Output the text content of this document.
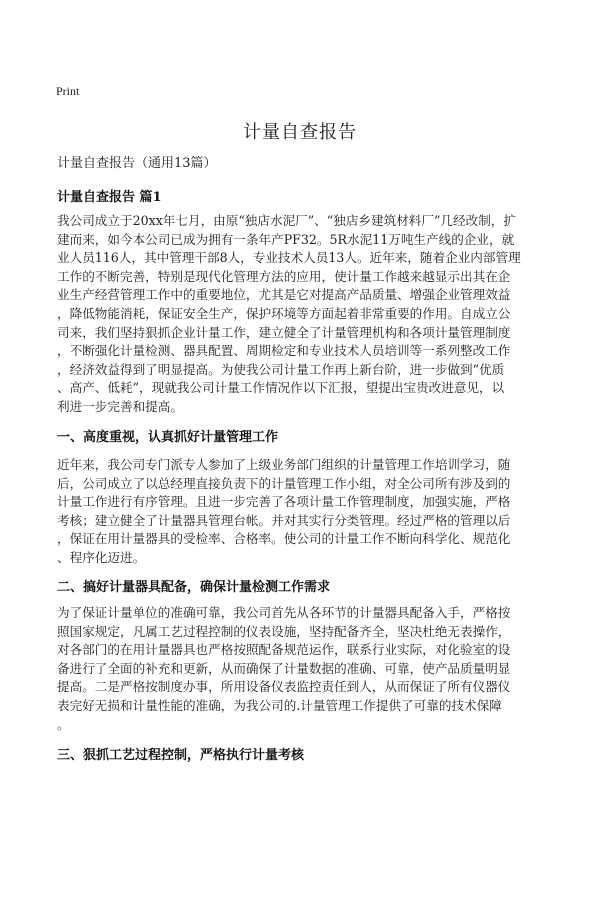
Print
计量自查报告
计量自查报告（通用13篇）
计量自查报告 篇1
我公司成立于20xx年七月，由原“独店水泥厂”、“独店乡建筑材料厂”几经改制，扩
建而来，如今本公司已成为拥有一条年产PF32。5R水泥11万吨生产线的企业，就
业人员116人，其中管理干部8人，专业技术人员13人。近年来，随着企业内部管理
工作的不断完善，特别是现代化管理方法的应用，使计量工作越来越显示出其在企
业生产经营管理工作中的重要地位，尤其是它对提高产品质量、增强企业管理效益
，降低物能消耗，保证安全生产，保护环境等方面起着非常重要的作用。自成立公
司来，我们坚持狠抓企业计量工作，建立健全了计量管理机构和各项计量管理制度
，不断强化计量检测、器具配置、周期检定和专业技术人员培训等一系列整改工作
，经济效益得到了明显提高。为使我公司计量工作再上新台阶，进一步做到“优质
、高产、低耗”，现就我公司计量工作情况作以下汇报，望提出宝贵改进意见，以
利进一步完善和提高。
一、高度重视，认真抓好计量管理工作
近年来，我公司专门派专人参加了上级业务部门组织的计量管理工作培训学习，随
后，公司成立了以总经理直接负责下的计量管理工作小组，对全公司所有涉及到的
计量工作进行有序管理。且进一步完善了各项计量工作管理制度，加强实施，严格
考核；建立健全了计量器具管理台帐。并对其实行分类管理。经过严格的管理以后
，保证在用计量器具的受检率、合格率。使公司的计量工作不断向科学化、规范化
、程序化迈进。
二、搞好计量器具配备，确保计量检测工作需求
为了保证计量单位的准确可靠，我公司首先从各环节的计量器具配备入手，严格按
照国家规定，凡属工艺过程控制的仪表设施，坚持配备齐全，坚决杜绝无表操作，
对各部门的在用计量器具也严格按照配备规范运作，联系行业实际，对化验室的设
备进行了全面的补充和更新，从而确保了计量数据的准确、可靠，使产品质量明显
提高。二是严格按制度办事，所用设备仪表监控责任到人，从而保证了所有仪器仪
表完好无损和计量性能的准确，为我公司的.计量管理工作提供了可靠的技术保障
。
三、狠抓工艺过程控制，严格执行计量考核
